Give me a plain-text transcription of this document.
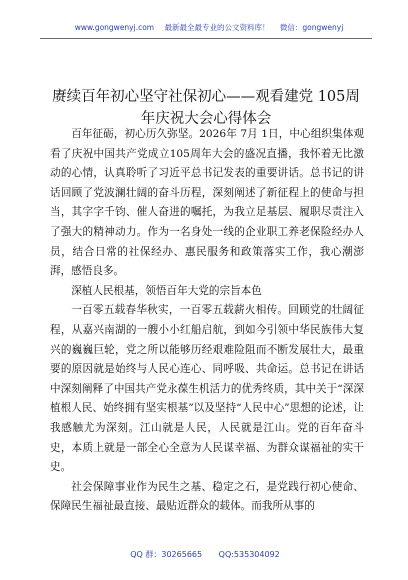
www.gongwenyj.com 最新最全最专业的公文资料库！ 微信：gongwenyj
赓续百年初心坚守社保初心——观看建党 105周年庆祝大会心得体会

百年征砺，初心历久弥坚。2026年 7月 1日，中心组织集体观看了庆祝中国共产党成立105周年大会的盛况直播，我怀着无比激动的心情，认真聆听了习近平总书记发表的重要讲话。总书记的讲话回顾了党波澜壮阔的奋斗历程，深刻阐述了新征程上的使命与担当，其字字千钧、催人奋进的嘱托，为我立足基层、履职尽责注入了强大的精神动力。作为一名身处一线的企业职工养老保险经办人员，结合日常的社保经办、惠民服务和政策落实工作，我心潮澎湃，感悟良多。

深植人民根基，领悟百年大党的宗旨本色

一百零五载春华秋实，一百零五载薪火相传。回顾党的壮阔征程，从嘉兴南湖的一艘小小红船启航，到如今引领中华民族伟大复兴的巍巍巨轮，党之所以能够历经艰难险阻而不断发展壮大，最重要的原因就是始终与人民心连心、同呼吸、共命运。总书记在讲话中深刻阐释了中国共产党永葆生机活力的优秀终质，其中关于“深深植根人民、始终拥有坚实根基”以及坚持“人民中心”思想的论述，让我感触尤为深刻。江山就是人民，人民就是江山。党的百年奋斗史，本质上就是一部全心全意为人民谋幸福、为群众谋福祉的实干史。

社会保障事业作为民生之基、稳定之石，是党践行初心使命、保障民生福祉最直接、最贴近群众的载体。而我所从事的

QQ 群：30265665 QQ:535304092
